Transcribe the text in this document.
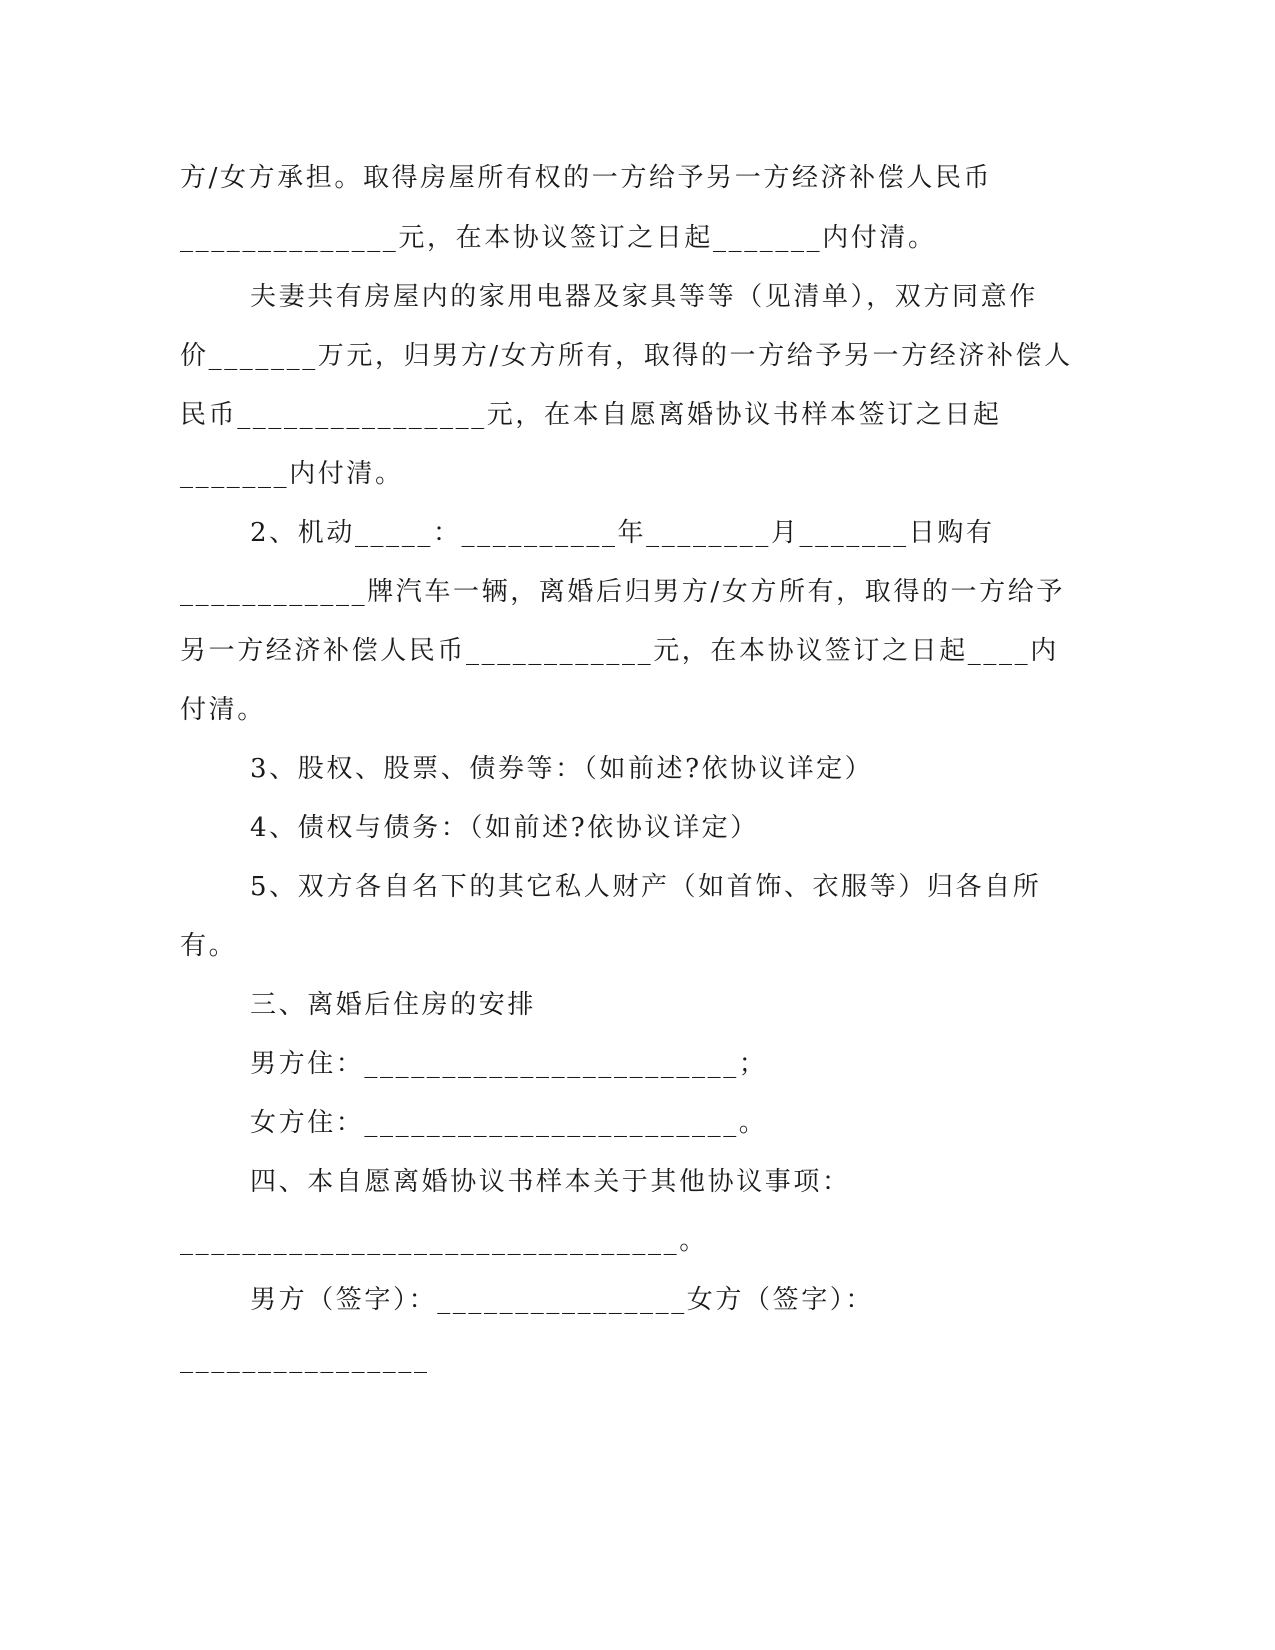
方/女方承担。取得房屋所有权的一方给予另一方经济补偿人民币
______________元，在本协议签订之日起_______内付清。
夫妻共有房屋内的家用电器及家具等等（见清单），双方同意作
价_______万元，归男方/女方所有，取得的一方给予另一方经济补偿人
民币________________元，在本自愿离婚协议书样本签订之日起
_______内付清。
2、机动_____：__________年________月_______日购有
____________牌汽车一辆，离婚后归男方/女方所有，取得的一方给予
另一方经济补偿人民币____________元，在本协议签订之日起____内
付清。
3、股权、股票、债券等：（如前述?依协议详定）
4、债权与债务：（如前述?依协议详定）
5、双方各自名下的其它私人财产（如首饰、衣服等）归各自所
有。
三、离婚后住房的安排
男方住：________________________；
女方住：________________________。
四、本自愿离婚协议书样本关于其他协议事项：
________________________________。
男方（签字）：________________女方（签字）：
________________
